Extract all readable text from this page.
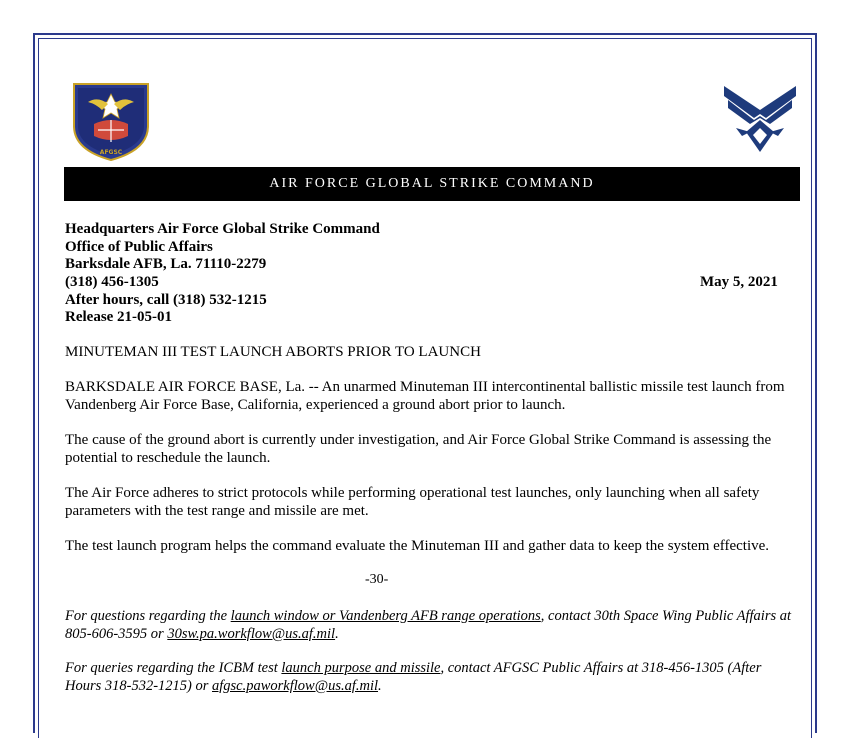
AFGSC
AIR FORCE GLOBAL STRIKE COMMAND
Headquarters Air Force Global Strike Command
Office of Public Affairs
Barksdale AFB, La. 71110-2279
(318) 456-1305
After hours, call (318) 532-1215
Release 21-05-01
May 5, 2021
MINUTEMAN III TEST LAUNCH ABORTS PRIOR TO LAUNCH
BARKSDALE AIR FORCE BASE, La. -- An unarmed Minuteman III intercontinental ballistic missile test launch from Vandenberg Air Force Base, California, experienced a ground abort prior to launch.
The cause of the ground abort is currently under investigation, and Air Force Global Strike Command is assessing the potential to reschedule the launch.
The Air Force adheres to strict protocols while performing operational test launches, only launching when all safety parameters with the test range and missile are met.
The test launch program helps the command evaluate the Minuteman III and gather data to keep the system effective.
-30-
For questions regarding the launch window or Vandenberg AFB range operations, contact 30th Space Wing Public Affairs at 805-606-3595 or 30sw.pa.workflow@us.af.mil.
For queries regarding the ICBM test launch purpose and missile, contact AFGSC Public Affairs at 318-456-1305 (After Hours 318-532-1215) or afgsc.paworkflow@us.af.mil.
